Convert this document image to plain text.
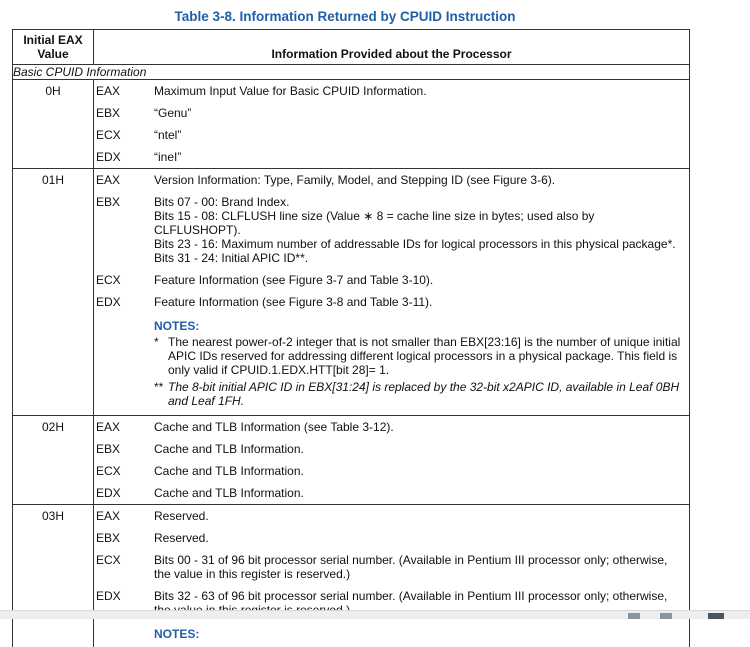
Table 3-8. Information Returned by CPUID Instruction
Initial EAX
Value	Information Provided about the Processor	
Basic CPUID Information		
0H	EAX	Maximum Input Value for Basic CPUID Information.

	EBX	“Genu”

	ECX	“ntel”

	EDX	“ineI”

01H	EAX	Version Information: Type, Family, Model, and Stepping ID (see Figure 3-6).

	EBX	Bits 07 - 00: Brand Index.
Bits 15 - 08: CLFLUSH line size (Value ∗ 8 = cache line size in bytes; used also by CLFLUSHOPT).
Bits 23 - 16: Maximum number of addressable IDs for logical processors in this physical package*.
Bits 31 - 24: Initial APIC ID**.

	ECX	Feature Information (see Figure 3-7 and Table 3-10).

	EDX	Feature Information (see Figure 3-8 and Table 3-11).

		NOTES:
* The nearest power-of-2 integer that is not smaller than EBX[23:16] is the number of unique initial APIC IDs reserved for addressing different logical processors in a physical package. This field is only valid if CPUID.1.EDX.HTT[bit 28]= 1.
** The 8-bit initial APIC ID in EBX[31:24] is replaced by the 32-bit x2APIC ID, available in Leaf 0BH and Leaf 1FH.

02H	EAX	Cache and TLB Information (see Table 3-12).

	EBX	Cache and TLB Information.

	ECX	Cache and TLB Information.

	EDX	Cache and TLB Information.

03H	EAX	Reserved.

	EBX	Reserved.

	ECX	Bits 00 - 31 of 96 bit processor serial number. (Available in Pentium III processor only; otherwise, the value in this register is reserved.)

	EDX	Bits 32 - 63 of 96 bit processor serial number. (Available in Pentium III processor only; otherwise,

		NOTES:
